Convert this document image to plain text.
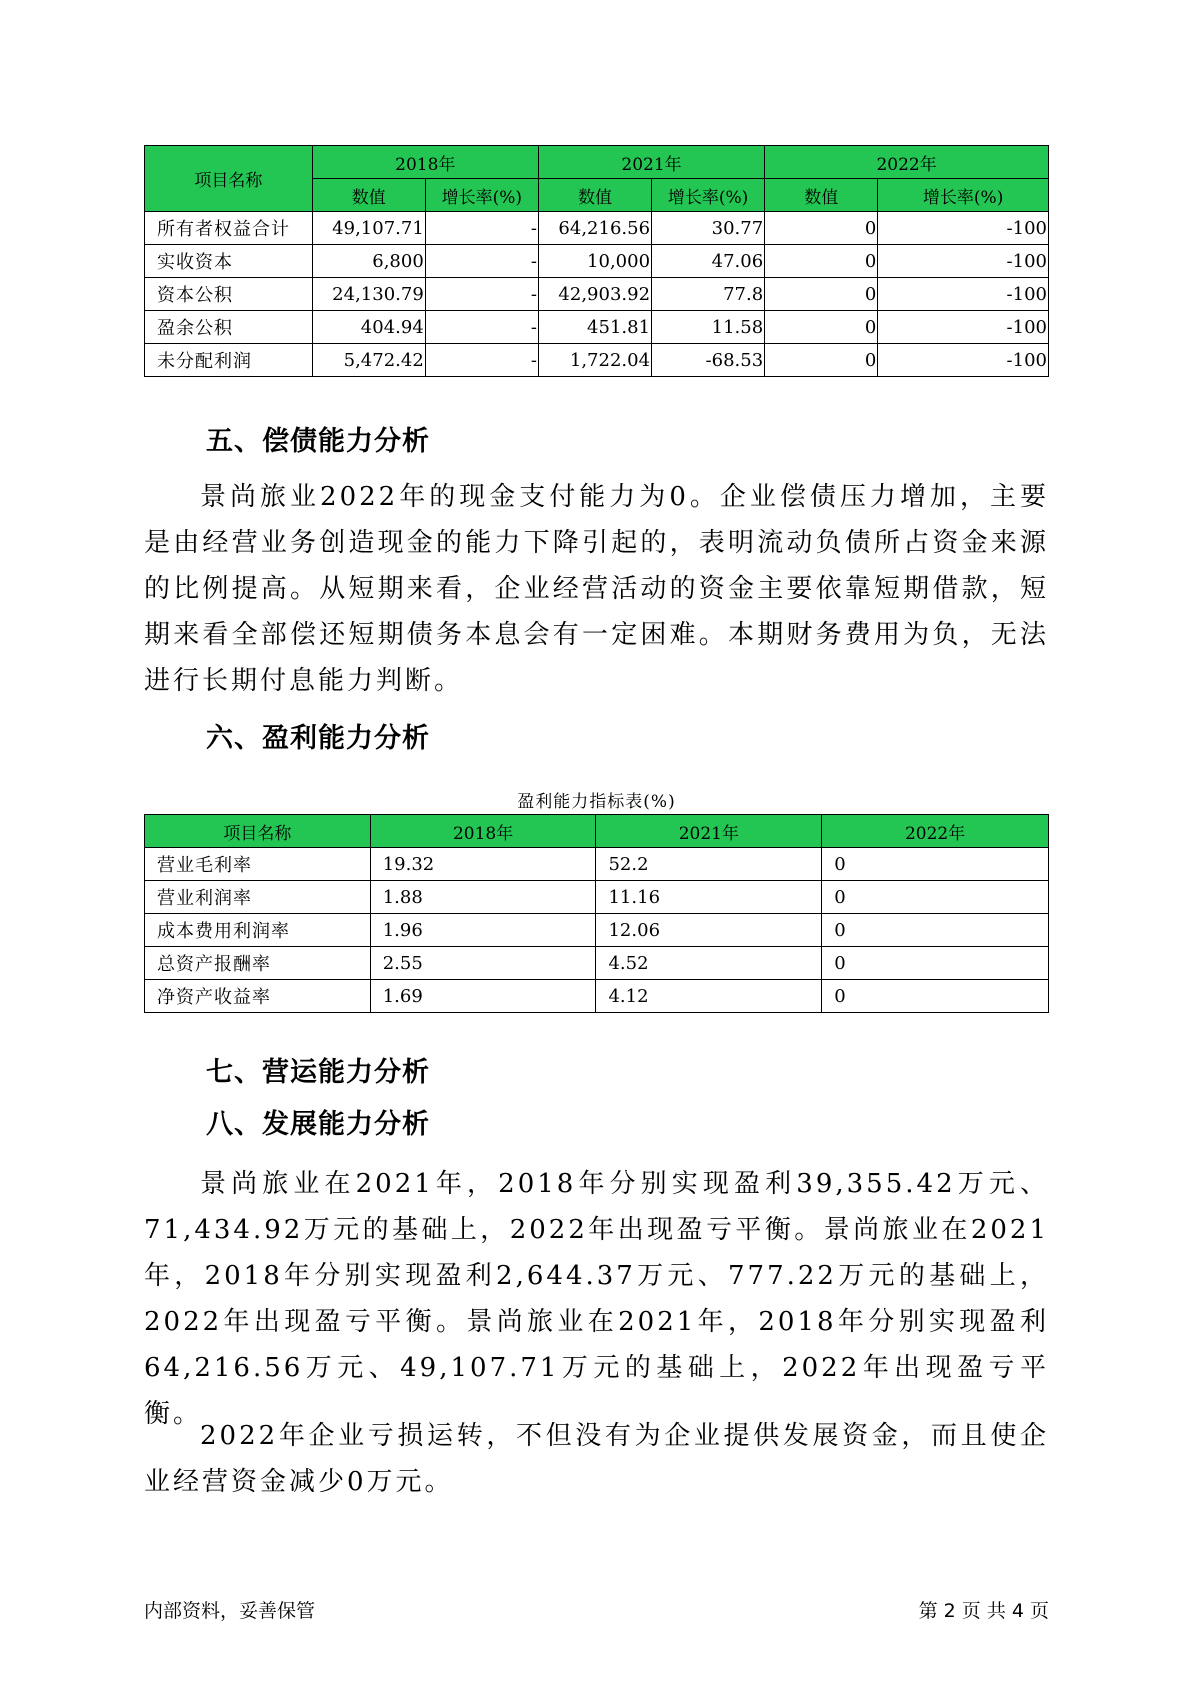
项目名称	2018年		2021年		2022年	
	数值	增长率(%)	数值	增长率(%)	数值	增长率(%)
所有者权益合计	49,107.71	-	64,216.56	30.77	0	-100
实收资本	6,800	-	10,000	47.06	0	-100
资本公积	24,130.79	-	42,903.92	77.8	0	-100
盈余公积	404.94	-	451.81	11.58	0	-100
未分配利润	5,472.42	-	1,722.04	-68.53	0	-100
五、偿债能力分析

景尚旅业2022年的现金支付能力为0。企业偿债压力增加，主要是由经营业务创造现金的能力下降引起的，表明流动负债所占资金来源的比例提高。从短期来看，企业经营活动的资金主要依靠短期借款，短期来看全部偿还短期债务本息会有一定困难。本期财务费用为负，无法进行长期付息能力判断。

六、盈利能力分析
盈利能力指标表(%)
项目名称	2018年	2021年	2022年
营业毛利率	19.32	52.2	0
营业利润率	1.88	11.16	0
成本费用利润率	1.96	12.06	0
总资产报酬率	2.55	4.52	0
净资产收益率	1.69	4.12	0
七、营运能力分析
八、发展能力分析

景尚旅业在2021年，2018年分别实现盈利39,355.42万元、71,434.92万元的基础上，2022年出现盈亏平衡。景尚旅业在2021年，2018年分别实现盈利2,644.37万元、777.22万元的基础上，2022年出现盈亏平衡。景尚旅业在2021年，2018年分别实现盈利64,216.56万元、49,107.71万元的基础上，2022年出现盈亏平衡。

2022年企业亏损运转，不但没有为企业提供发展资金，而且使企业经营资金减少0万元。

内部资料，妥善保管	第 2 页 共 4 页
